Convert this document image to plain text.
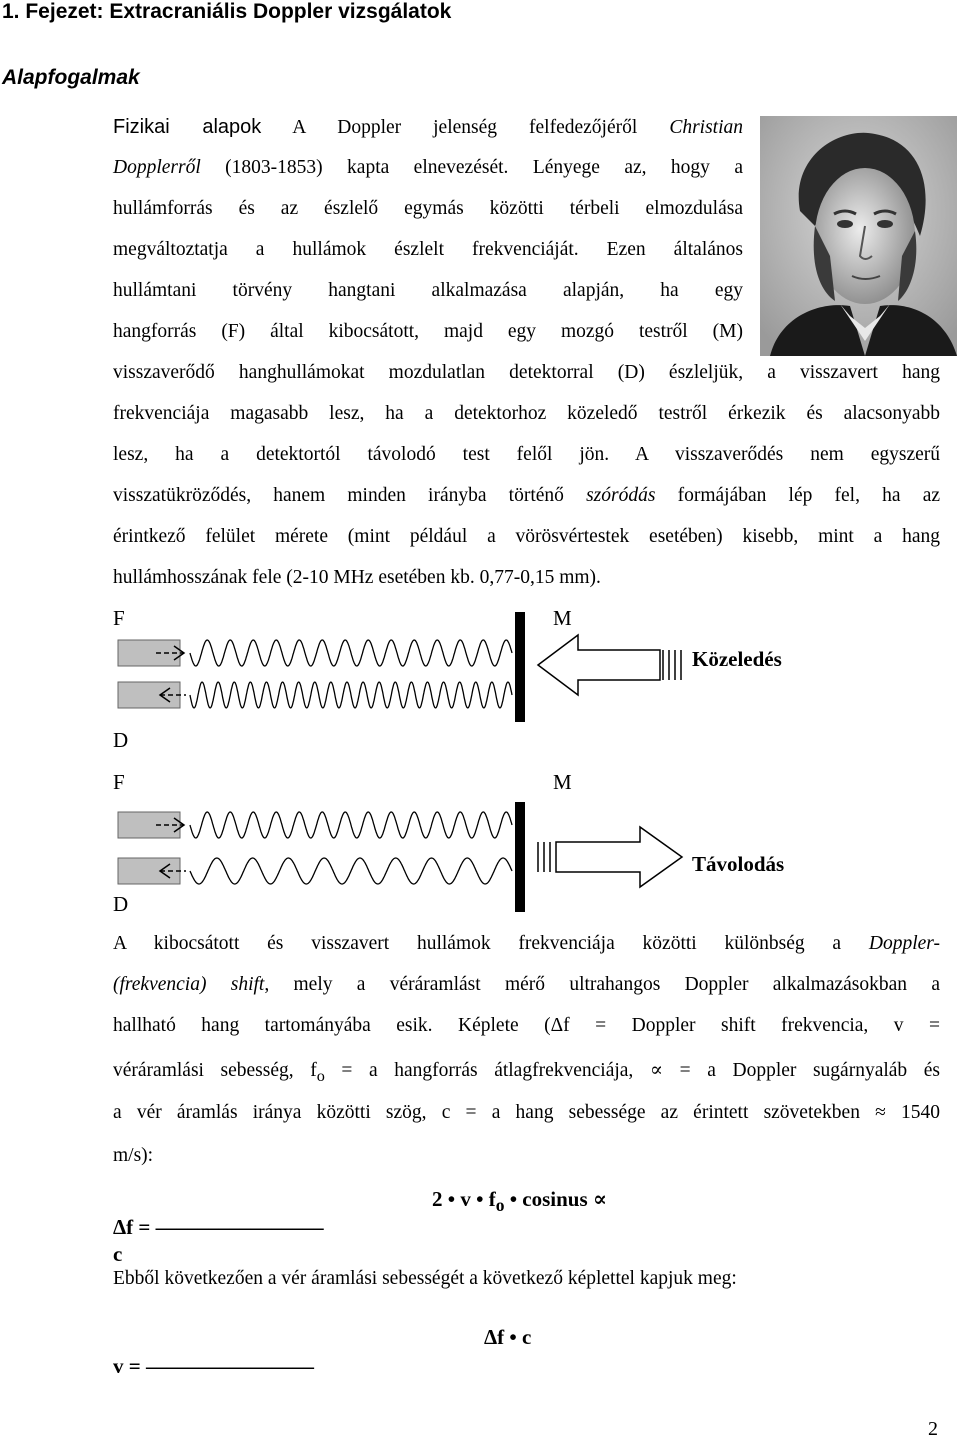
1. Fejezet: Extracraniális Doppler vizsgálatok
Alapfogalmak
Fizikai alapok A Doppler jelenség felfedezőjéről Christian
Dopplerről (1803-1853) kapta elnevezését. Lényege az, hogy a
hullámforrás és az észlelő egymás közötti térbeli elmozdulása
megváltoztatja a hullámok észlelt frekvenciáját. Ezen általános
hullámtani törvény hangtani alkalmazása alapján, ha egy
hangforrás (F) által kibocsátott, majd egy mozgó testről (M)
visszaverődő hanghullámokat mozdulatlan detektorral (D) észleljük, a visszavert hang
frekvenciája magasabb lesz, ha a detektorhoz közeledő testről érkezik és alacsonyabb
lesz, ha a detektortól távolodó test felől jön. A visszaverődés nem egyszerű
visszatükröződés, hanem minden irányba történő szóródás formájában lép fel, ha az
érintkező felület mérete (mint például a vörösvértestek esetében) kisebb, mint a hang
hullámhosszának fele (2-10 MHz esetében kb. 0,77-0,15 mm).
F	M
D
Közeledés
F	M
D
Távolodás
A kibocsátott és visszavert hullámok frekvenciája közötti különbség a Doppler-
(frekvencia) shift, mely a véráramlást mérő ultrahangos Doppler alkalmazásokban a
hallható hang tartományába esik. Képlete (Δf = Doppler shift frekvencia, v =
véráramlási sebesség, $f_o = a$ hangforrás átlagfrekvenciája, ∝ = a Doppler sugárnyaláb és
a vér áramlás iránya közötti szög, c = a hang sebessége az érintett szövetekben ≈ 1540
m/s):
2 • v • $f_o$ • cosinus ∝
Δf = ––––––––––––––––
c
Ebből következően a vér áramlási sebességét a következő képlettel kapjuk meg:
Δf • c
v = ––––––––––––––––
2
